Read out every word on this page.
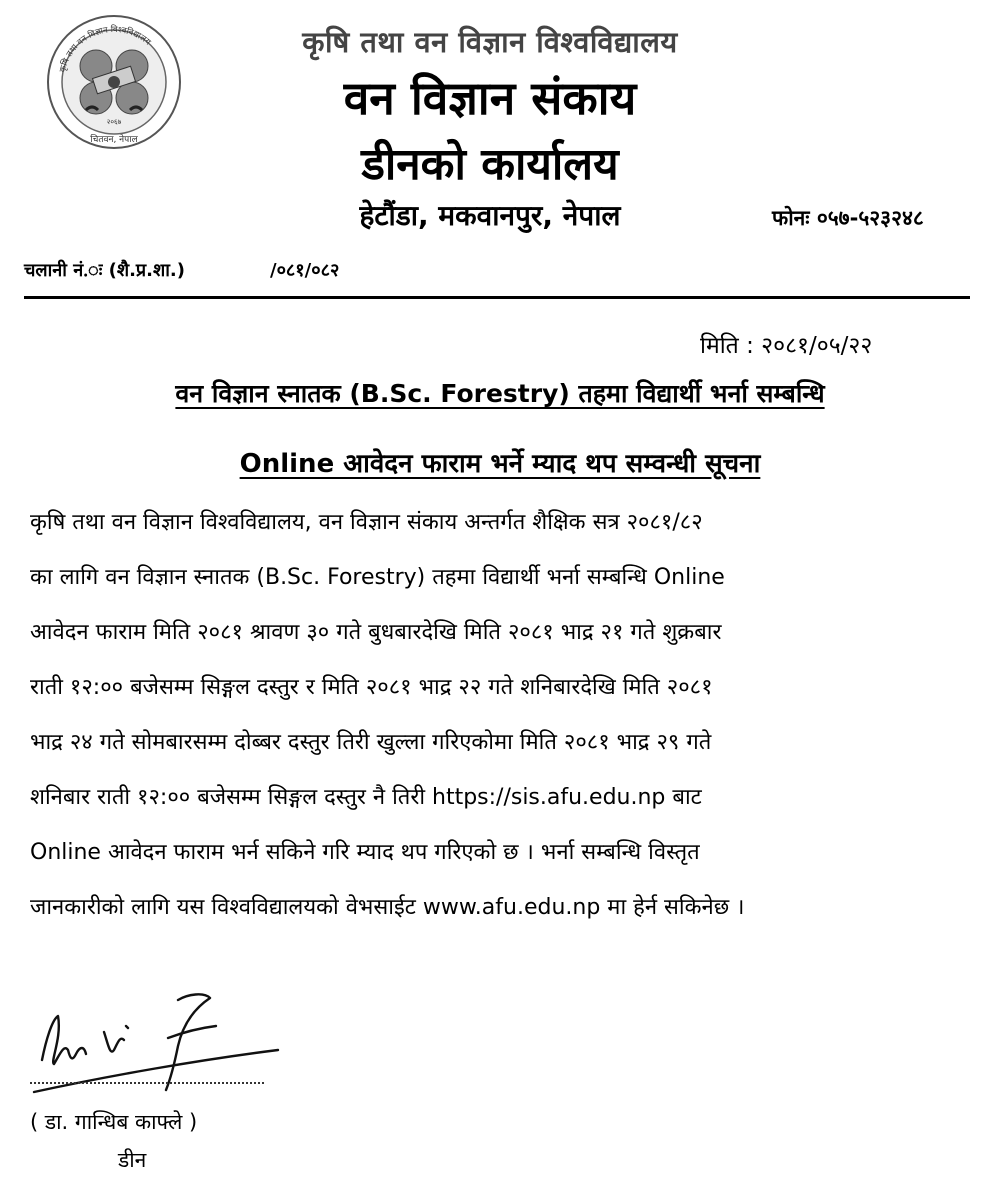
कृषि तथा वन विज्ञान विश्वविद्यालय
२०६७
चितवन, नेपाल
कृषि तथा वन विज्ञान विश्वविद्यालय
वन विज्ञान संकाय
डीनको कार्यालय
हेटौंडा, मकवानपुर, नेपाल	फोनः ०५७-५२३२४८
चलानी नं.ः (शै.प्र.शा.)	/०८१/०८२
मिति : २०८१/०५/२२
वन विज्ञान स्नातक (B.Sc. Forestry) तहमा विद्यार्थी भर्ना सम्बन्धि
Online आवेदन फाराम भर्ने म्याद थप सम्वन्धी सूचना
कृषि तथा वन विज्ञान विश्वविद्यालय, वन विज्ञान संकाय अन्तर्गत शैक्षिक सत्र २०८१/८२
का लागि वन विज्ञान स्नातक (B.Sc. Forestry) तहमा विद्यार्थी भर्ना सम्बन्धि Online
आवेदन फाराम मिति २०८१ श्रावण ३० गते बुधबारदेखि मिति २०८१ भाद्र २१ गते शुक्रबार
राती १२:०० बजेसम्म सिङ्गल दस्तुर र मिति २०८१ भाद्र २२ गते शनिबारदेखि मिति २०८१
भाद्र २४ गते सोमबारसम्म दोब्बर दस्तुर तिरी खुल्ला गरिएकोमा मिति २०८१ भाद्र २९ गते
शनिबार राती १२:०० बजेसम्म सिङ्गल दस्तुर नै तिरी https://sis.afu.edu.np बाट
Online आवेदन फाराम भर्न सकिने गरि म्याद थप गरिएको छ । भर्ना सम्बन्धि विस्तृत
जानकारीको लागि यस विश्वविद्यालयको वेभसाईट www.afu.edu.np मा हेर्न सकिनेछ ।
( डा. गान्धिब काफ्ले )
डीन
